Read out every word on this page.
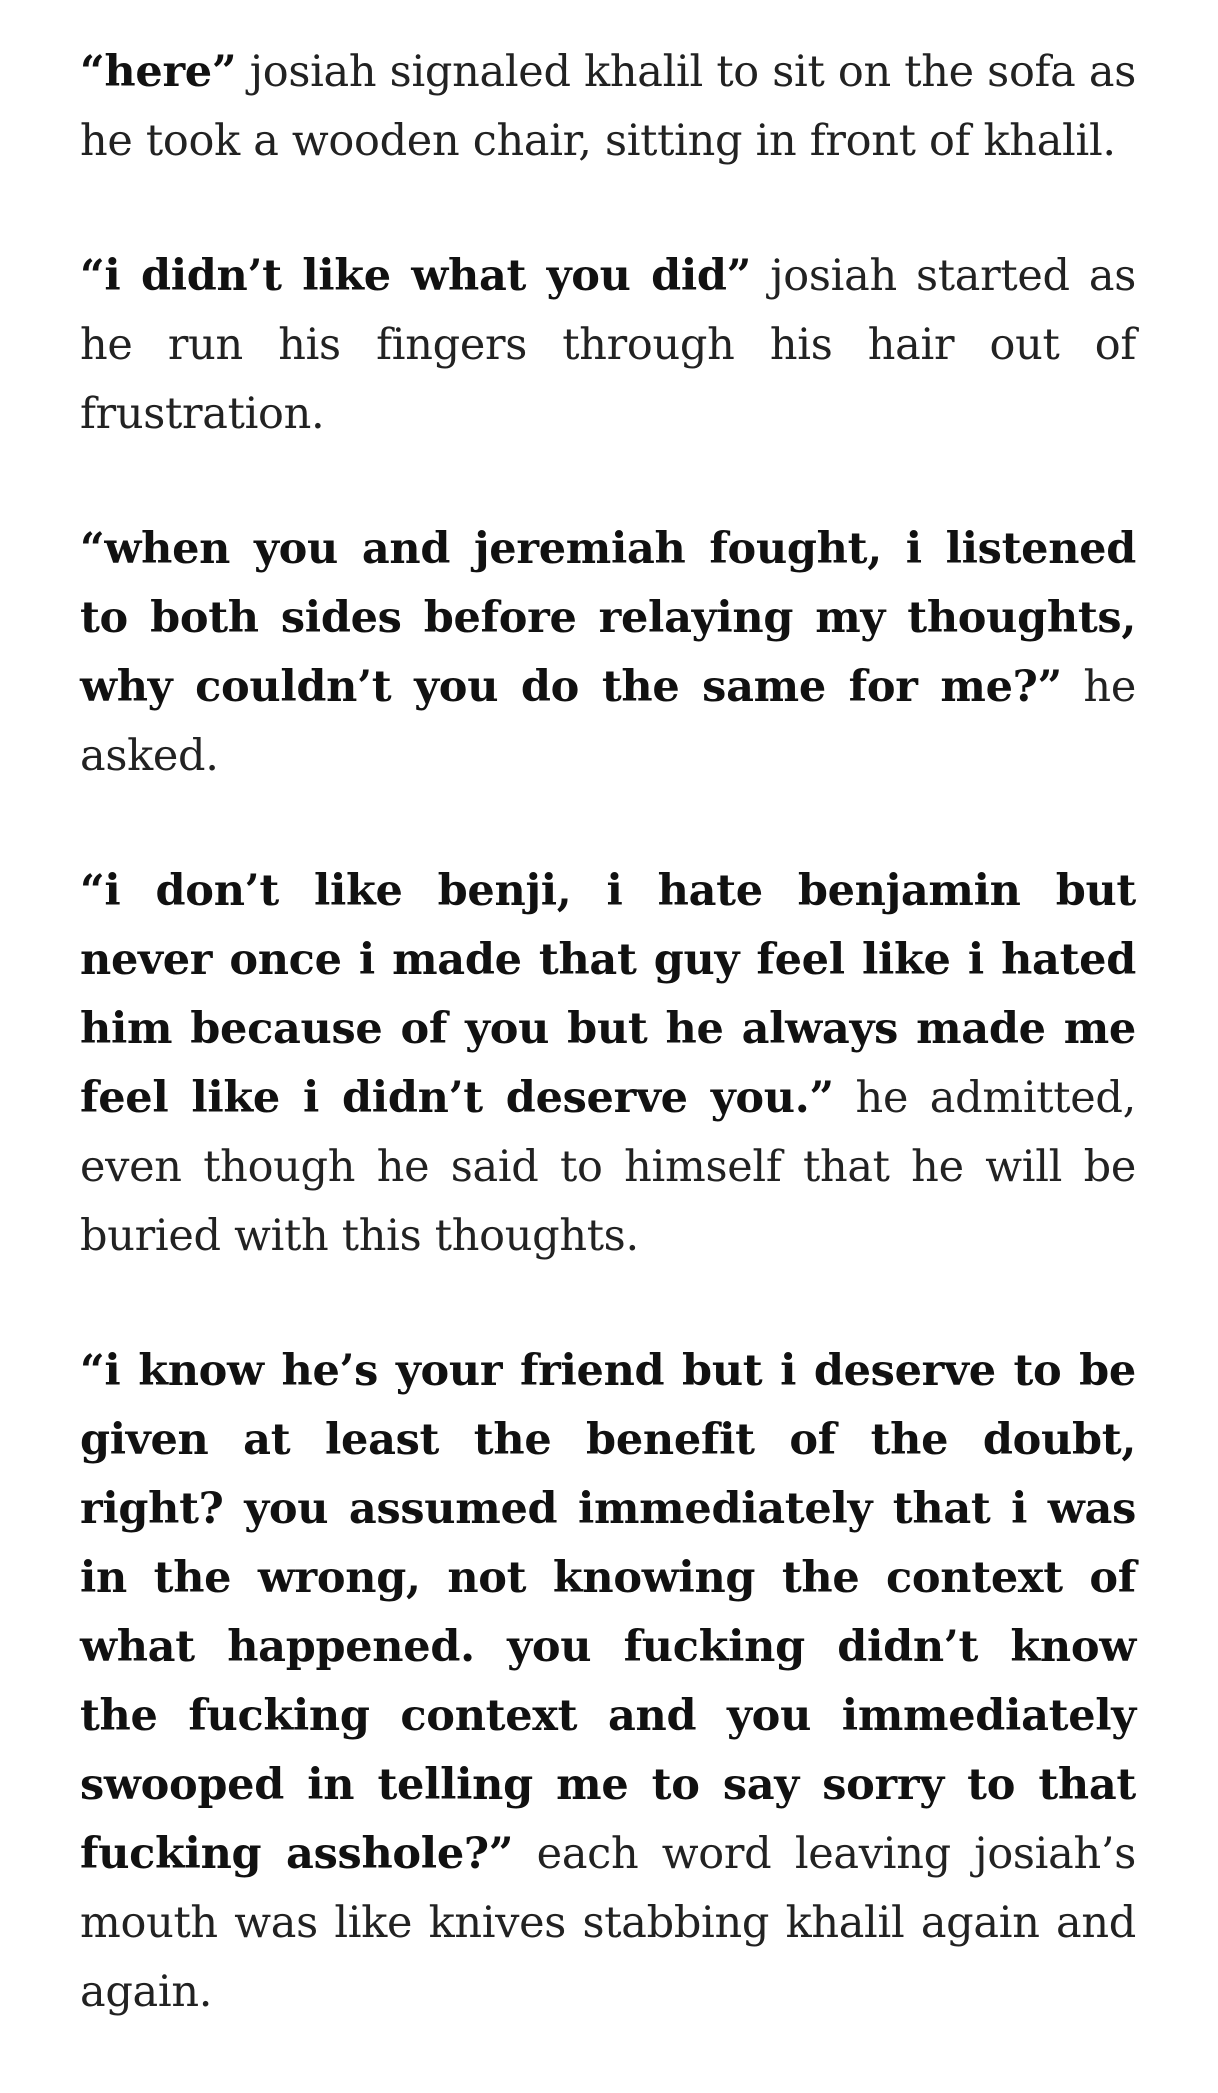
“here” josiah signaled khalil to sit on the sofa as he took a wooden chair, sitting in front of khalil.

“i didn’t like what you did” josiah started as he run his fingers through his hair out of frustration.

“when you and jeremiah fought, i listened to both sides before relaying my thoughts, why couldn’t you do the same for me?” he asked.

“i don’t like benji, i hate benjamin but never once i made that guy feel like i hated him because of you but he always made me feel like i didn’t deserve you.” he admitted, even though he said to himself that he will be buried with this thoughts.

“i know he’s your friend but i deserve to be given at least the benefit of the doubt, right? you assumed immediately that i was in the wrong, not knowing the context of what happened. you fucking didn’t know the fucking context and you immediately swooped in telling me to say sorry to that fucking asshole?” each word leaving josiah’s mouth was like knives stabbing khalil again and again.
